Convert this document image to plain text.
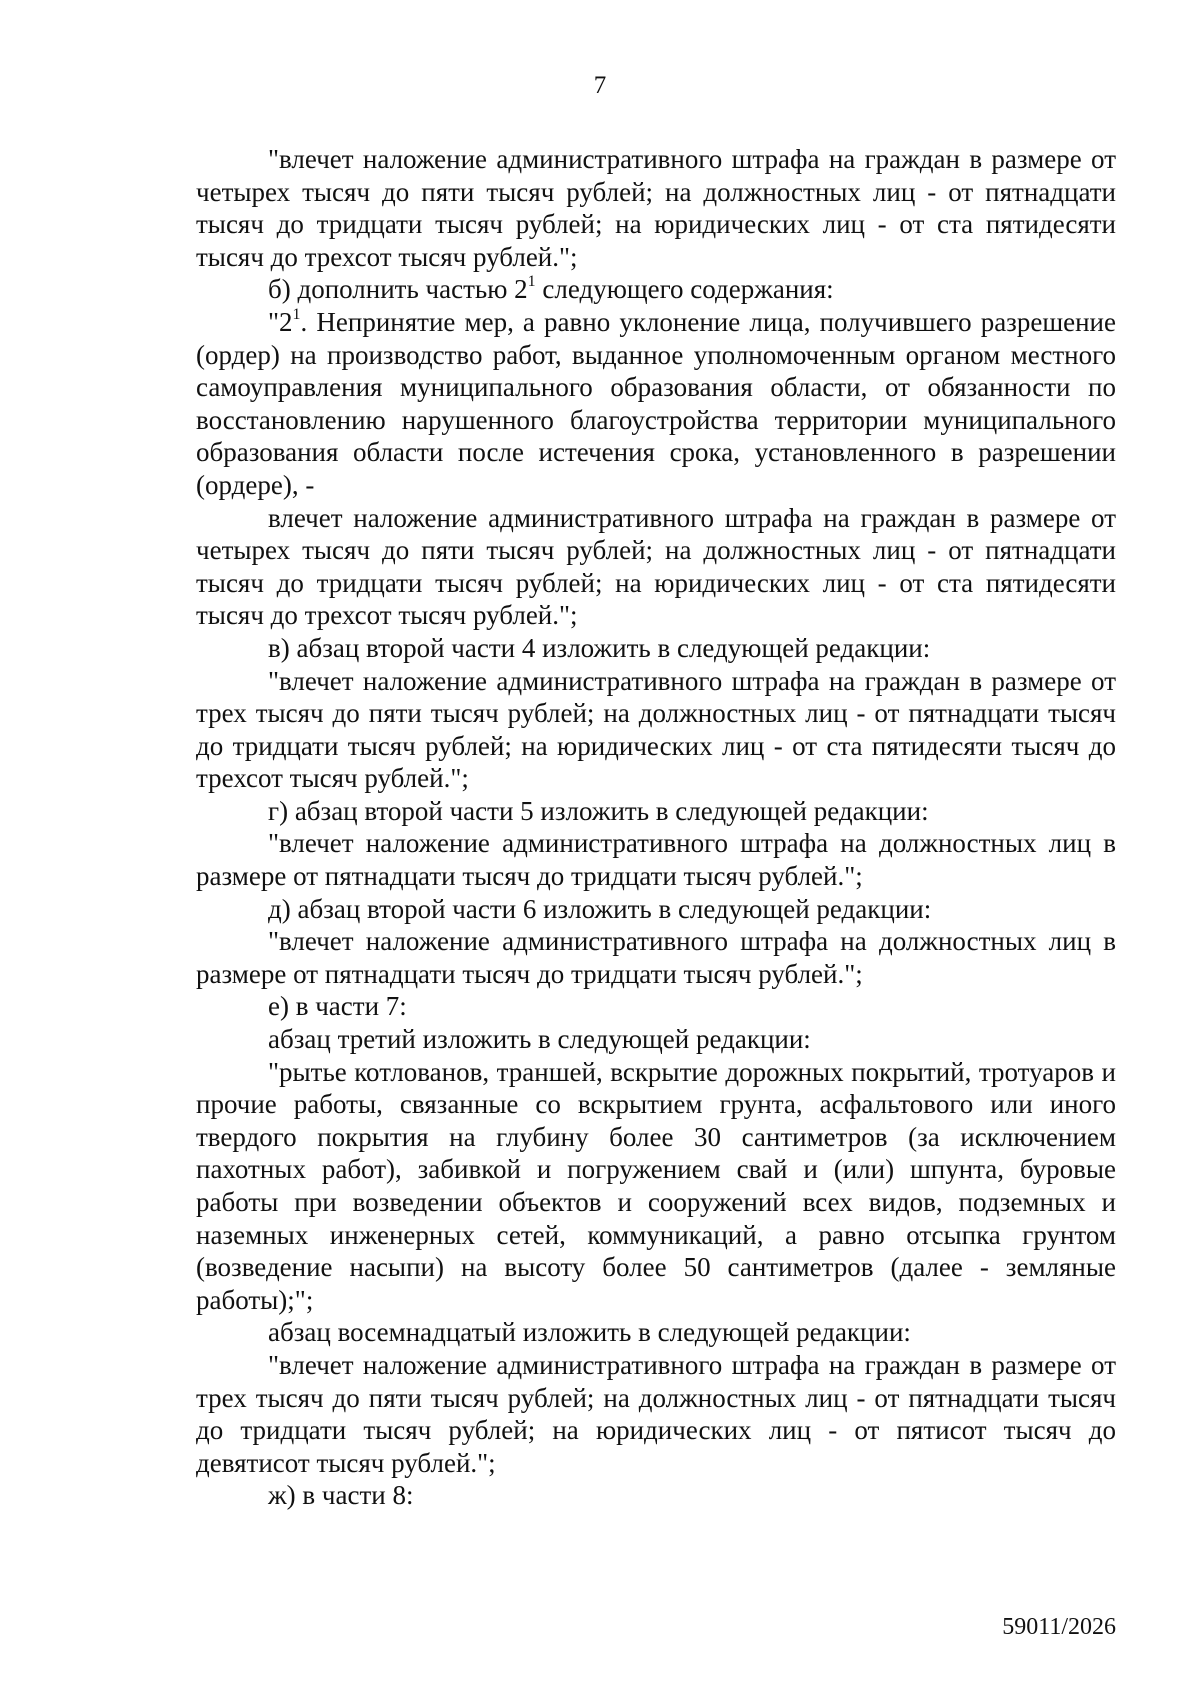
7

"влечет наложение административного штрафа на граждан в размере от четырех тысяч до пяти тысяч рублей; на должностных лиц - от пятнадцати тысяч до тридцати тысяч рублей; на юридических лиц - от ста пятидесяти тысяч до трехсот тысяч рублей.";

б) дополнить частью $2^1$ следующего содержания:

"$2^1$. Непринятие мер, а равно уклонение лица, получившего разрешение (ордер) на производство работ, выданное уполномоченным органом местного самоуправления муниципального образования области, от обязанности по восстановлению нарушенного благоустройства территории муниципального образования области после истечения срока, установленного в разрешении (ордере), -

влечет наложение административного штрафа на граждан в размере от четырех тысяч до пяти тысяч рублей; на должностных лиц - от пятнадцати тысяч до тридцати тысяч рублей; на юридических лиц - от ста пятидесяти тысяч до трехсот тысяч рублей.";

в) абзац второй части 4 изложить в следующей редакции:

"влечет наложение административного штрафа на граждан в размере от трех тысяч до пяти тысяч рублей; на должностных лиц - от пятнадцати тысяч до тридцати тысяч рублей; на юридических лиц - от ста пятидесяти тысяч до трехсот тысяч рублей.";

г) абзац второй части 5 изложить в следующей редакции:

"влечет наложение административного штрафа на должностных лиц в размере от пятнадцати тысяч до тридцати тысяч рублей.";

д) абзац второй части 6 изложить в следующей редакции:

"влечет наложение административного штрафа на должностных лиц в размере от пятнадцати тысяч до тридцати тысяч рублей.";

е) в части 7:

абзац третий изложить в следующей редакции:

"рытье котлованов, траншей, вскрытие дорожных покрытий, тротуаров и прочие работы, связанные со вскрытием грунта, асфальтового или иного твердого покрытия на глубину более 30 сантиметров (за исключением пахотных работ), забивкой и погружением свай и (или) шпунта, буровые работы при возведении объектов и сооружений всех видов, подземных и наземных инженерных сетей, коммуникаций, а равно отсыпка грунтом (возведение насыпи) на высоту более 50 сантиметров (далее - земляные работы);";

абзац восемнадцатый изложить в следующей редакции:

"влечет наложение административного штрафа на граждан в размере от трех тысяч до пяти тысяч рублей; на должностных лиц - от пятнадцати тысяч до тридцати тысяч рублей; на юридических лиц - от пятисот тысяч до девятисот тысяч рублей.";

ж) в части 8:

59011/2026
